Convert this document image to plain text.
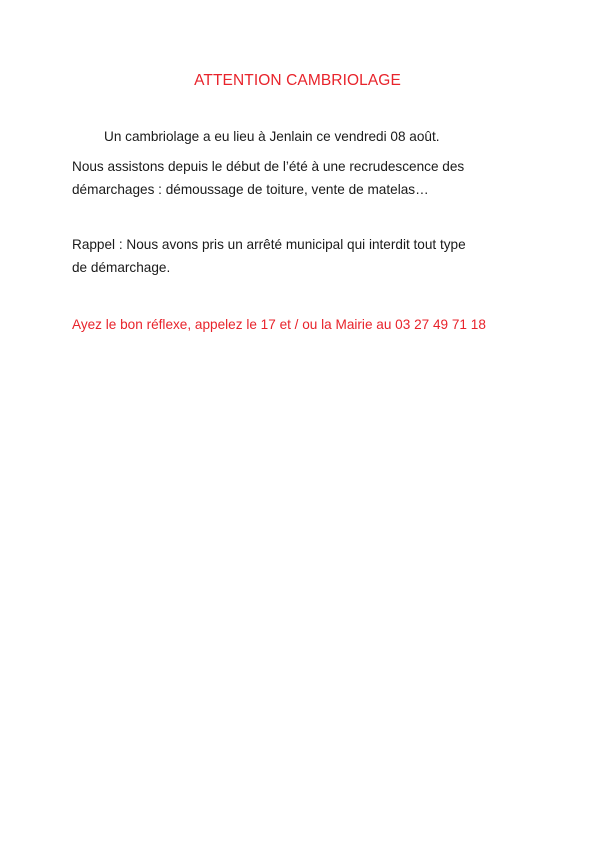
ATTENTION CAMBRIOLAGE
Un cambriolage a eu lieu à Jenlain ce vendredi 08 août.
Nous assistons depuis le début de l’été à une recrudescence des
démarchages : démoussage de toiture, vente de matelas…
Rappel : Nous avons pris un arrêté municipal qui interdit tout type
de démarchage.
Ayez le bon réflexe, appelez le 17 et / ou la Mairie au 03 27 49 71 18
